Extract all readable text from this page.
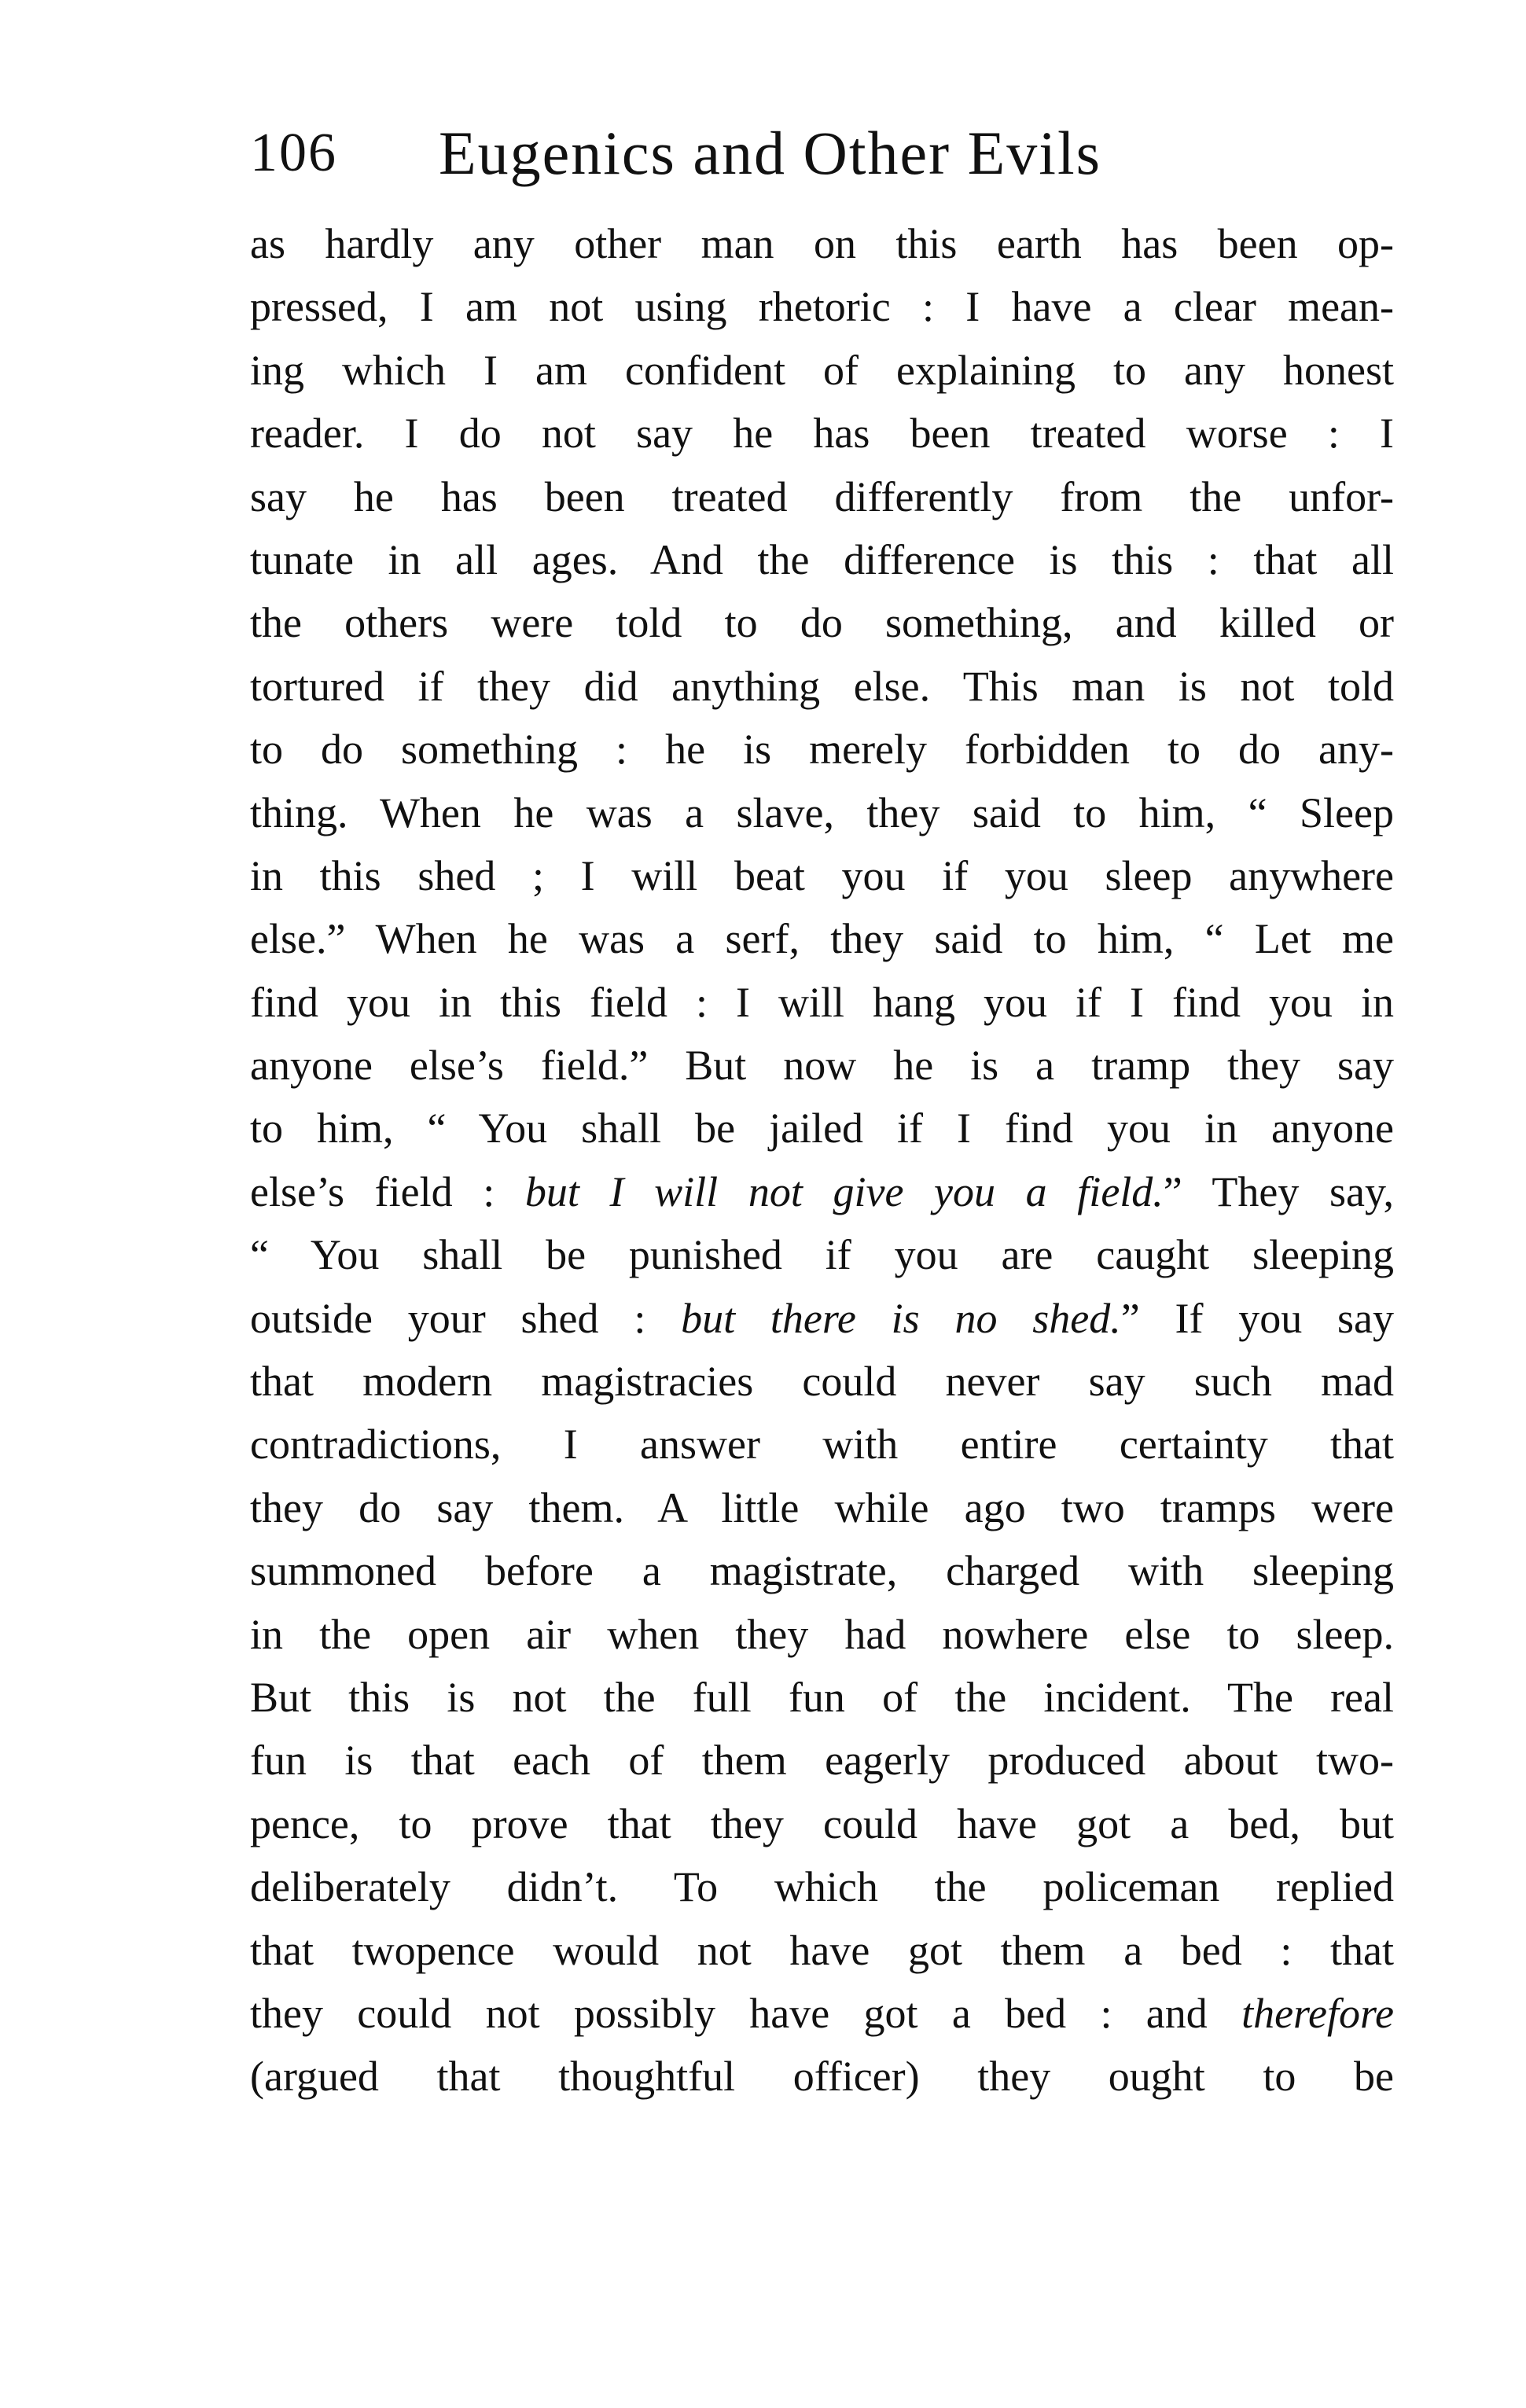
106 Eugenics and Other Evils
as hardly any other man on this earth has been op-
pressed, I am not using rhetoric : I have a clear mean-
ing which I am confident of explaining to any honest
reader. I do not say he has been treated worse : I
say he has been treated differently from the unfor-
tunate in all ages. And the difference is this : that all
the others were told to do something, and killed or
tortured if they did anything else. This man is not told
to do something : he is merely forbidden to do any-
thing. When he was a slave, they said to him, “ Sleep
in this shed ; I will beat you if you sleep anywhere
else.” When he was a serf, they said to him, “ Let me
find you in this field : I will hang you if I find you in
anyone else’s field.” But now he is a tramp they say
to him, “ You shall be jailed if I find you in anyone
else’s field : but I will not give you a field.” They say,
“ You shall be punished if you are caught sleeping
outside your shed : but there is no shed.” If you say
that modern magistracies could never say such mad
contradictions, I answer with entire certainty that
they do say them. A little while ago two tramps were
summoned before a magistrate, charged with sleeping
in the open air when they had nowhere else to sleep.
But this is not the full fun of the incident. The real
fun is that each of them eagerly produced about two-
pence, to prove that they could have got a bed, but
deliberately didn’t. To which the policeman replied
that twopence would not have got them a bed : that
they could not possibly have got a bed : and therefore
(argued that thoughtful officer) they ought to be
